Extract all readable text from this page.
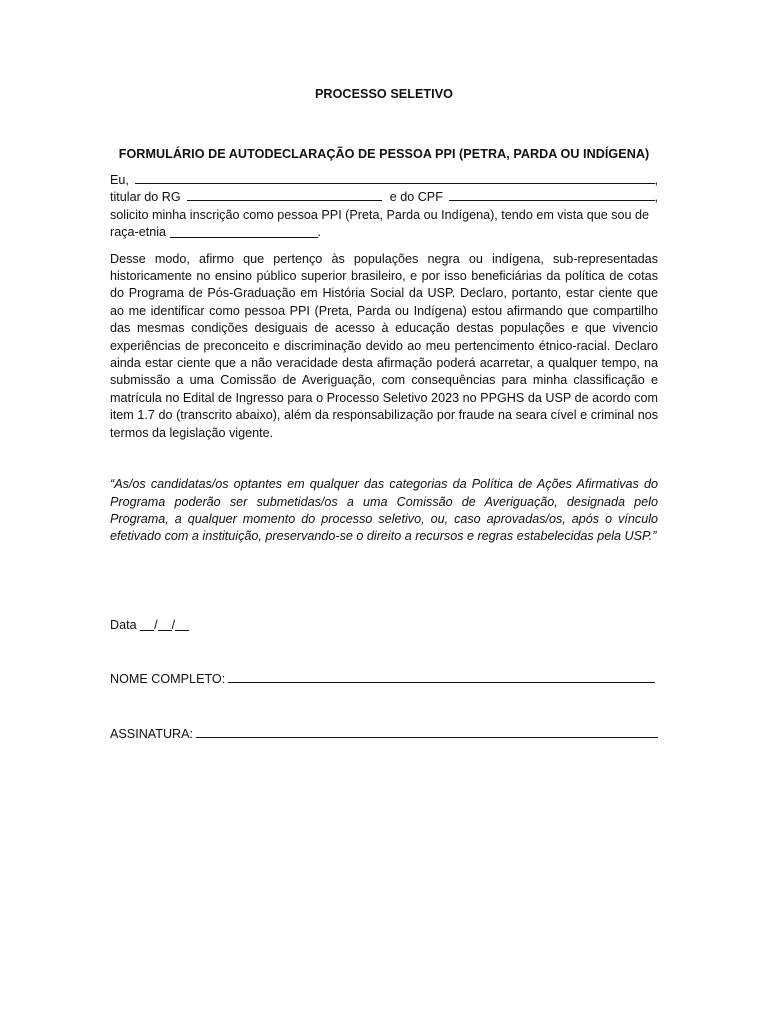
PROCESSO SELETIVO

FORMULÁRIO DE AUTODECLARAÇÃO DE PESSOA PPI (PETRA, PARDA OU INDÍGENA)

Eu,	,
titular do RG	e do CPF	,
solicito minha inscrição como pessoa PPI (Preta, Parda ou Indígena), tendo em vista que sou de
raça-etnia	.

Desse modo, afirmo que pertenço às populações negra ou indígena, sub-representadas historicamente no ensino público superior brasileiro, e por isso beneficiárias da política de cotas do Programa de Pós-Graduação em História Social da USP. Declaro, portanto, estar ciente que ao me identificar como pessoa PPI (Preta, Parda ou Indígena) estou afirmando que compartilho das mesmas condições desiguais de acesso à educação destas populações e que vivencio experiências de preconceito e discriminação devido ao meu pertencimento étnico-racial. Declaro ainda estar ciente que a não veracidade desta afirmação poderá acarretar, a qualquer tempo, na submissão a uma Comissão de Averiguação, com consequências para minha classificação e matrícula no Edital de Ingresso para o Processo Seletivo 2023 no PPGHS da USP de acordo com item 1.7 do (transcrito abaixo), além da responsabilização por fraude na seara cível e criminal nos termos da legislação vigente.

“As/os candidatas/os optantes em qualquer das categorias da Política de Ações Afirmativas do Programa poderão ser submetidas/os a uma Comissão de Averiguação, designada pelo Programa, a qualquer momento do processo seletivo, ou, caso aprovadas/os, após o vínculo efetivado com a instituição, preservando-se o direito a recursos e regras estabelecidas pela USP.”

Data / /
NOME COMPLETO:
ASSINATURA:
